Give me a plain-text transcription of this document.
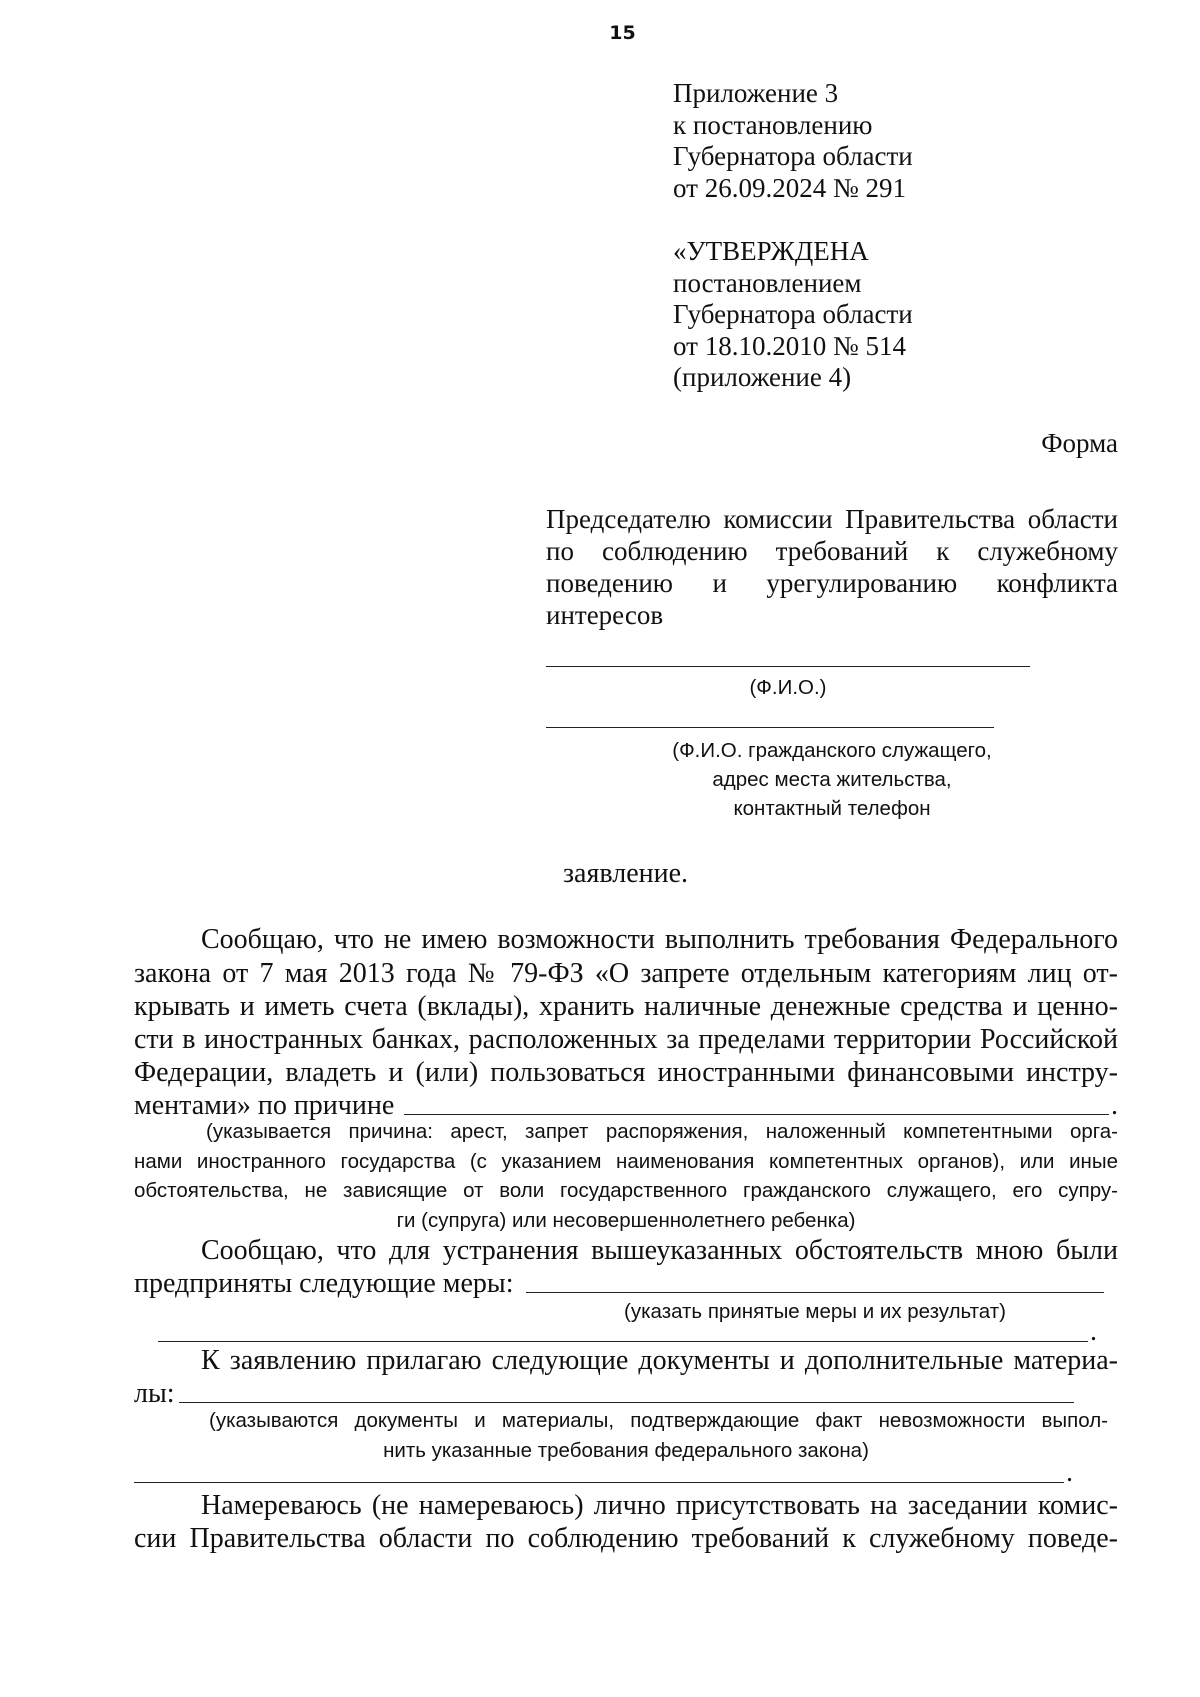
15
Приложение 3
к постановлению
Губернатора области
от 26.09.2024 № 291
«УТВЕРЖДЕНА
постановлением
Губернатора области
от 18.10.2010 № 514
(приложение 4)
Форма
Председателю комиссии Правительства области по соблюдению требований к служебному поведению и урегулированию конфликта интересов
(Ф.И.О.)
(Ф.И.О. гражданского служащего,
адрес места жительства,
контактный телефон
заявление.
Сообщаю, что не имею возможности выполнить требования Федерального
закона от 7 мая 2013 года № 79-ФЗ «О запрете отдельным категориям лиц от-
крывать и иметь счета (вклады), хранить наличные денежные средства и ценно-
сти в иностранных банках, расположенных за пределами территории Российской
Федерации, владеть и (или) пользоваться иностранными финансовыми инстру-
ментами» по причине	.
(указывается причина: арест, запрет распоряжения, наложенный компетентными орга-
нами иностранного государства (с указанием наименования компетентных органов), или иные
обстоятельства, не зависящие от воли государственного гражданского служащего, его супру-
ги (супруга) или несовершеннолетнего ребенка)
Сообщаю, что для устранения вышеуказанных обстоятельств мною были
предприняты следующие меры:
(указать принятые меры и их результат)
.
К заявлению прилагаю следующие документы и дополнительные материа-
лы:
(указываются документы и материалы, подтверждающие факт невозможности выпол-
нить указанные требования федерального закона)
.
Намереваюсь (не намереваюсь) лично присутствовать на заседании комис-
сии Правительства области по соблюдению требований к служебному поведе-
